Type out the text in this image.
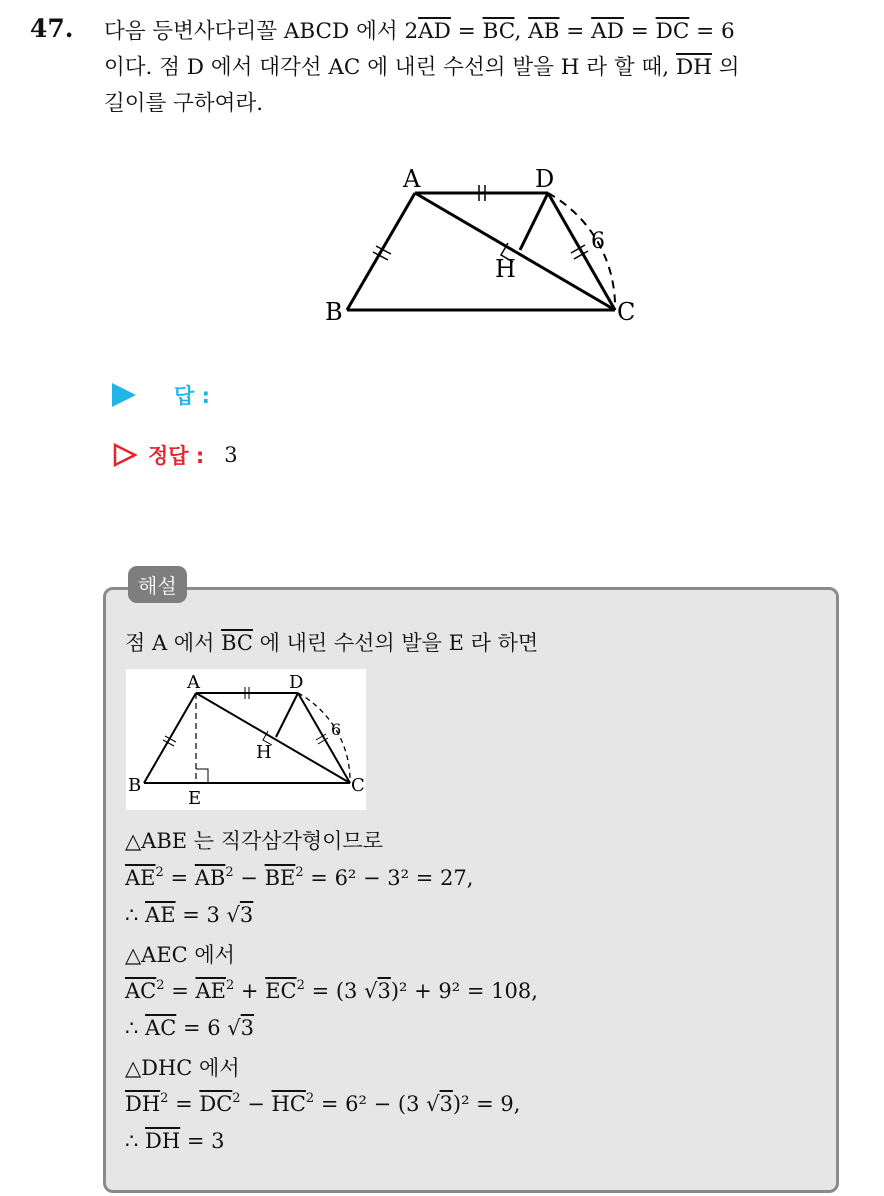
47. 다음 등변사다리꼴 ABCD 에서 $2\overline{AD} = \overline{BC}$, $\overline{AB} = \overline{AD} = \overline{DC} = 6$
이다. 점 D 에서 대각선 AC 에 내린 수선의 발을 H 라 할 때, $\overline{DH}$ 의
길이를 구하여라.
A	D
B	C
H
6
답 :
정답 : 3
해설
점 A 에서 $\overline{BC}$ 에 내린 수선의 발을 E 라 하면
A	D
B	C
E
H
6
△ABE 는 직각삼각형이므로
$\overline{AE}^2 = \overline{AB}^2 - \overline{BE}^2 = 6^2 - 3^2 = 27$,
∴ $\overline{AE} = 3$ √3
△AEC 에서
$\overline{AC}^2 = \overline{AE}^2 + \overline{EC}^2 = (3$ √3)² + 9² = 108,
∴ $\overline{AC} = 6$ √3
△DHC 에서
$\overline{DH}^2 = \overline{DC}^2 - \overline{HC}^2 = 6^2 - (3$ √3)² = 9,
∴ $\overline{DH} = 3$
